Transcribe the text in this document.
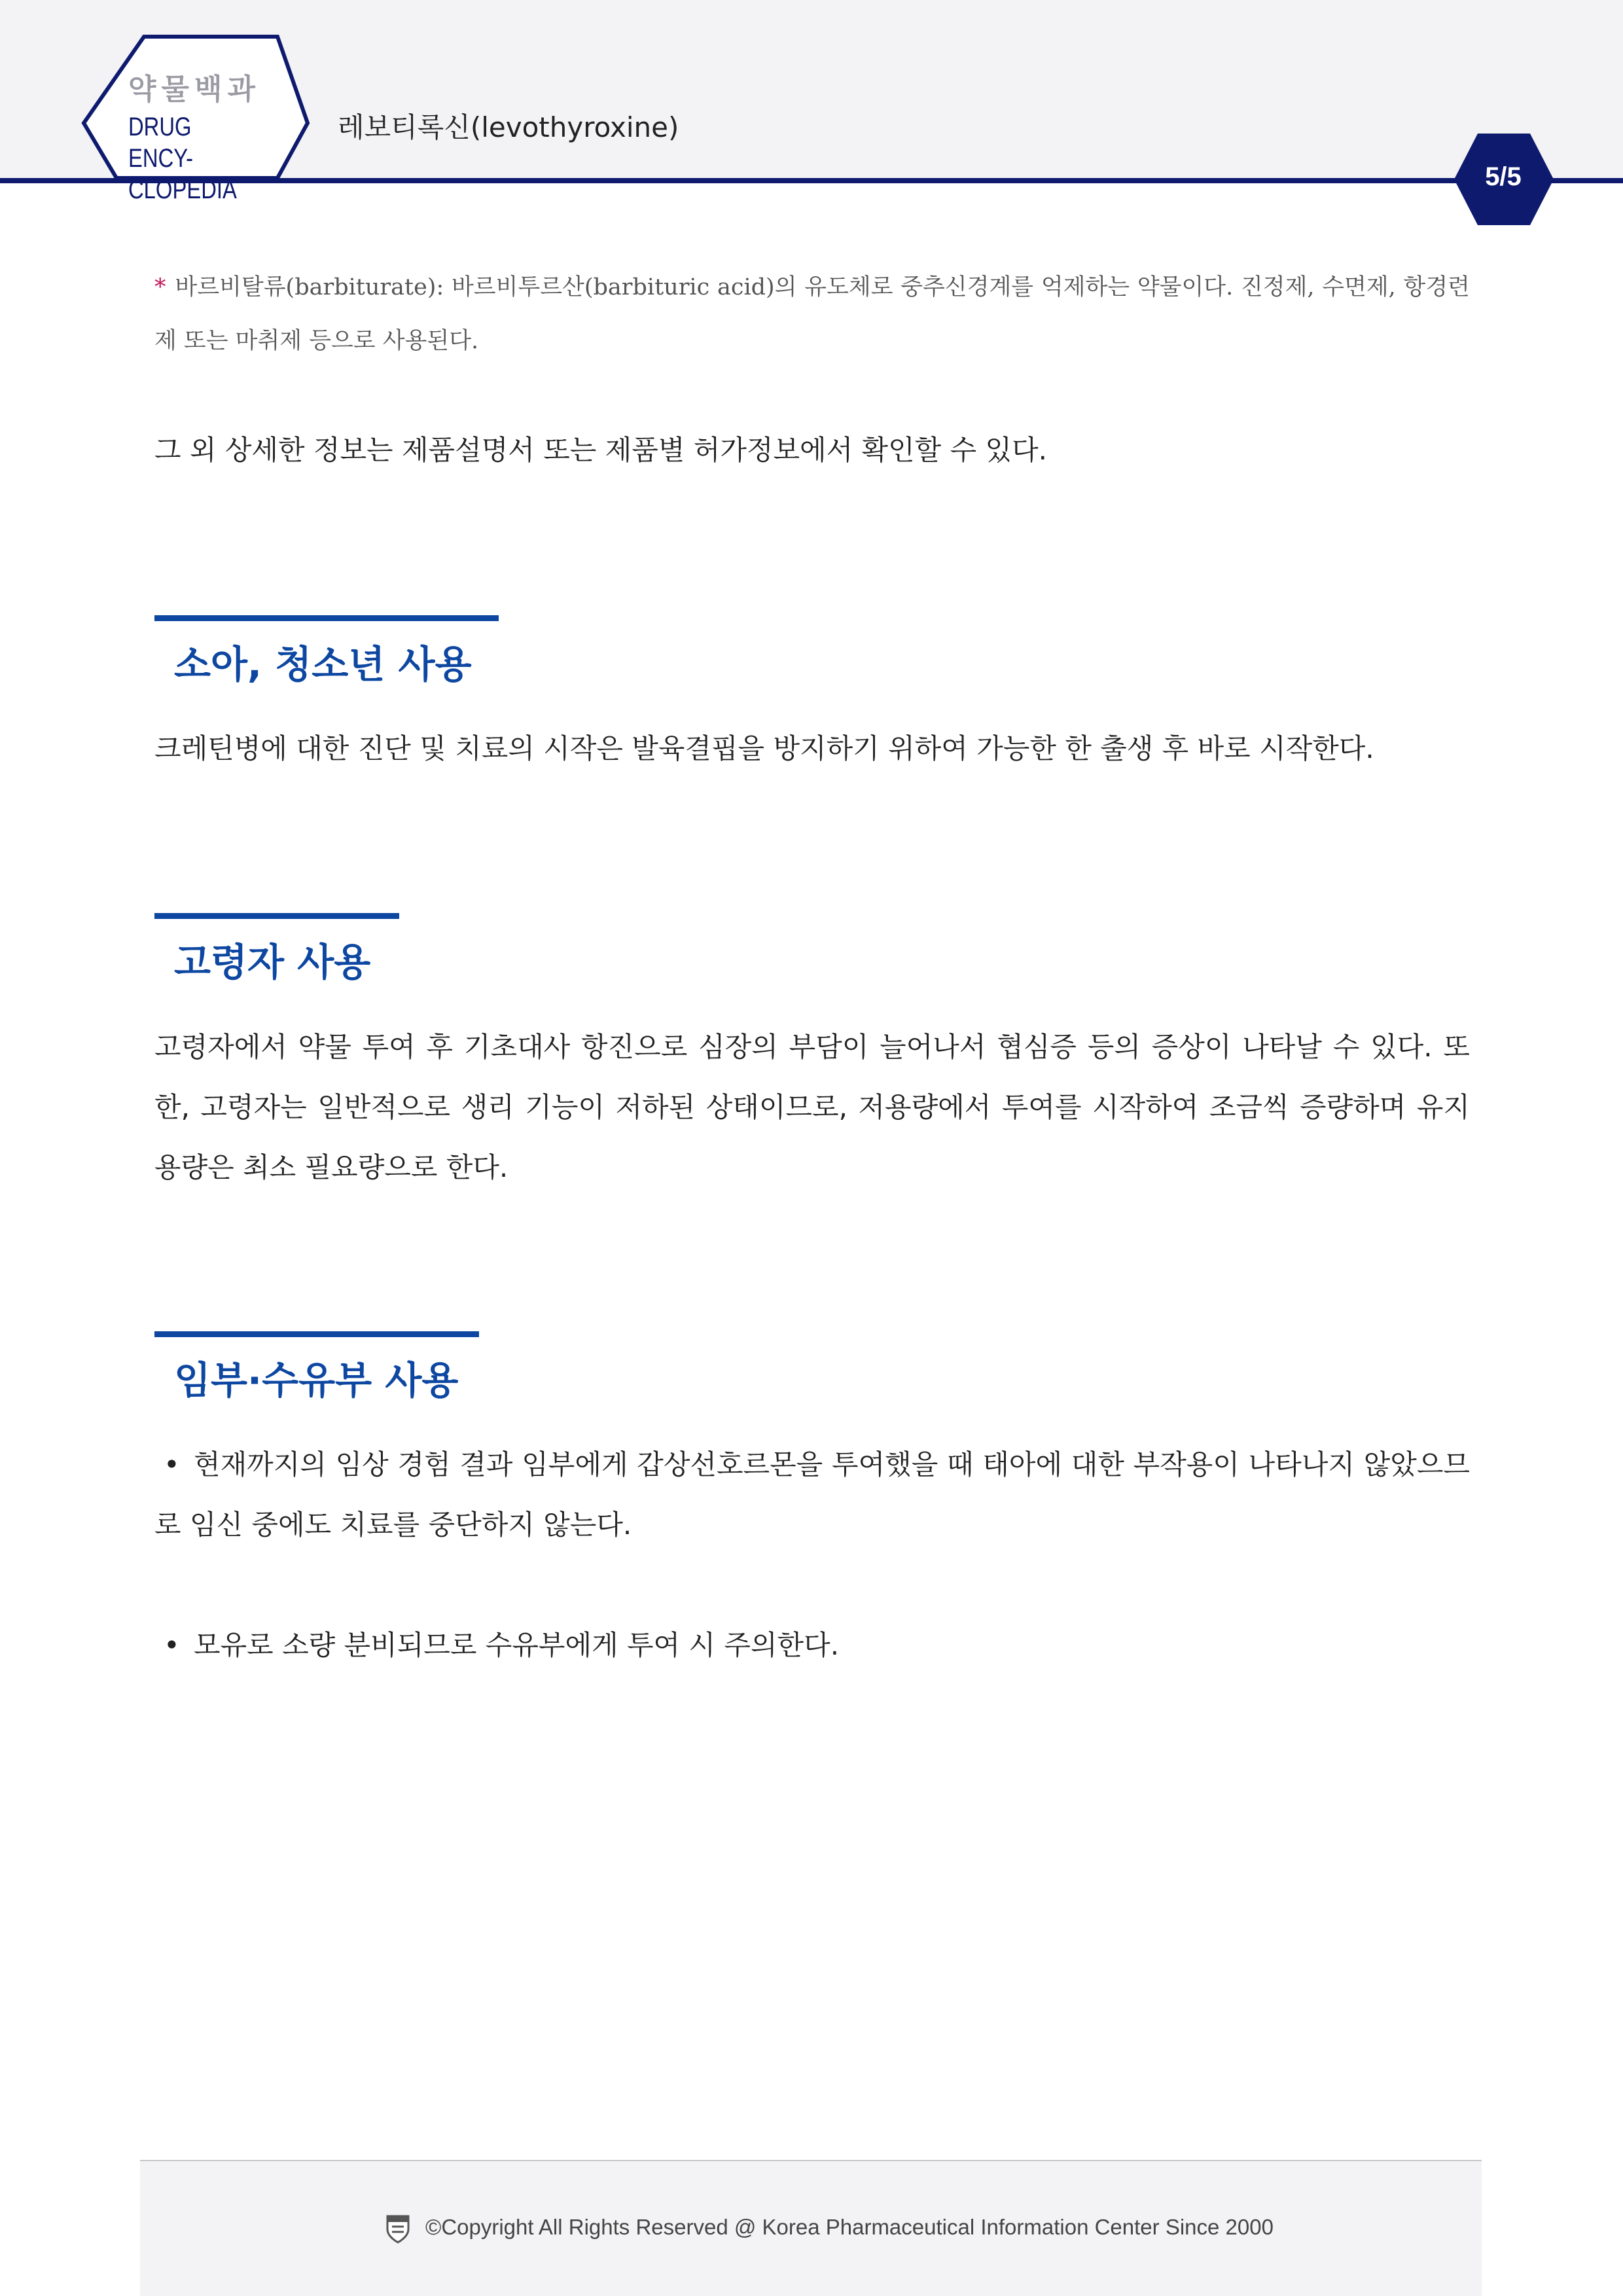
약물백과
DRUG ENCY-
CLOPEDIA
레보티록신(levothyroxine)
5/5
* 바르비탈류(barbiturate): 바르비투르산(barbituric acid)의 유도체로 중추신경계를 억제하는 약물이다. 진정제, 수면제, 항경련제 또는 마취제 등으로 사용된다.
그 외 상세한 정보는 제품설명서 또는 제품별 허가정보에서 확인할 수 있다.
소아, 청소년 사용
크레틴병에 대한 진단 및 치료의 시작은 발육결핍을 방지하기 위하여 가능한 한 출생 후 바로 시작한다.
고령자 사용
고령자에서 약물 투여 후 기초대사 항진으로 심장의 부담이 늘어나서 협심증 등의 증상이 나타날 수 있다. 또한, 고령자는 일반적으로 생리 기능이 저하된 상태이므로, 저용량에서 투여를 시작하여 조금씩 증량하며 유지용량은 최소 필요량으로 한다.
임부·수유부 사용
• 현재까지의 임상 경험 결과 임부에게 갑상선호르몬을 투여했을 때 태아에 대한 부작용이 나타나지 않았으므로 임신 중에도 치료를 중단하지 않는다.
• 모유로 소량 분비되므로 수유부에게 투여 시 주의한다.
©Copyright All Rights Reserved @ Korea Pharmaceutical Information Center Since 2000
